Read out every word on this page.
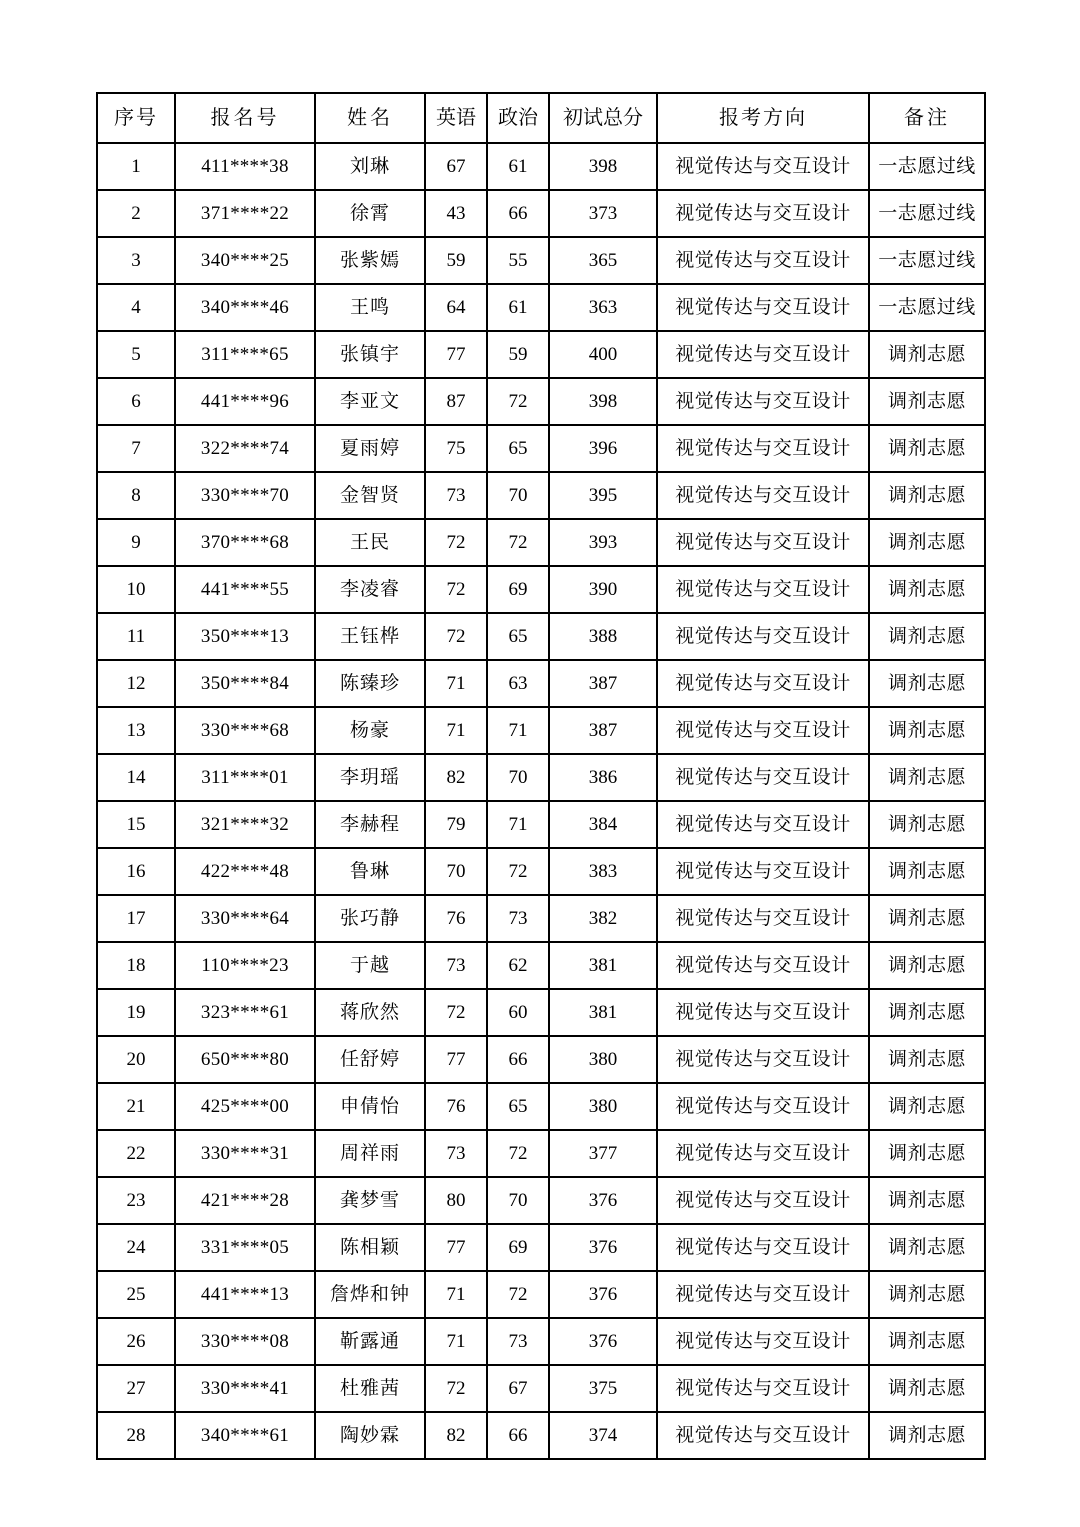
序号	报名号	姓名	英语	政治	初试总分	报考方向	备注
1	411****38	刘琳	67	61	398	视觉传达与交互设计	一志愿过线
2	371****22	徐霄	43	66	373	视觉传达与交互设计	一志愿过线
3	340****25	张紫嫣	59	55	365	视觉传达与交互设计	一志愿过线
4	340****46	王鸣	64	61	363	视觉传达与交互设计	一志愿过线
5	311****65	张镇宇	77	59	400	视觉传达与交互设计	调剂志愿
6	441****96	李亚文	87	72	398	视觉传达与交互设计	调剂志愿
7	322****74	夏雨婷	75	65	396	视觉传达与交互设计	调剂志愿
8	330****70	金智贤	73	70	395	视觉传达与交互设计	调剂志愿
9	370****68	王民	72	72	393	视觉传达与交互设计	调剂志愿
10	441****55	李凌睿	72	69	390	视觉传达与交互设计	调剂志愿
11	350****13	王钰桦	72	65	388	视觉传达与交互设计	调剂志愿
12	350****84	陈臻珍	71	63	387	视觉传达与交互设计	调剂志愿
13	330****68	杨豪	71	71	387	视觉传达与交互设计	调剂志愿
14	311****01	李玥瑶	82	70	386	视觉传达与交互设计	调剂志愿
15	321****32	李赫程	79	71	384	视觉传达与交互设计	调剂志愿
16	422****48	鲁琳	70	72	383	视觉传达与交互设计	调剂志愿
17	330****64	张巧静	76	73	382	视觉传达与交互设计	调剂志愿
18	110****23	于越	73	62	381	视觉传达与交互设计	调剂志愿
19	323****61	蒋欣然	72	60	381	视觉传达与交互设计	调剂志愿
20	650****80	任舒婷	77	66	380	视觉传达与交互设计	调剂志愿
21	425****00	申倩怡	76	65	380	视觉传达与交互设计	调剂志愿
22	330****31	周祥雨	73	72	377	视觉传达与交互设计	调剂志愿
23	421****28	龚梦雪	80	70	376	视觉传达与交互设计	调剂志愿
24	331****05	陈相颖	77	69	376	视觉传达与交互设计	调剂志愿
25	441****13	詹烨和钟	71	72	376	视觉传达与交互设计	调剂志愿
26	330****08	靳露通	71	73	376	视觉传达与交互设计	调剂志愿
27	330****41	杜雅茜	72	67	375	视觉传达与交互设计	调剂志愿
28	340****61	陶妙霖	82	66	374	视觉传达与交互设计	调剂志愿
